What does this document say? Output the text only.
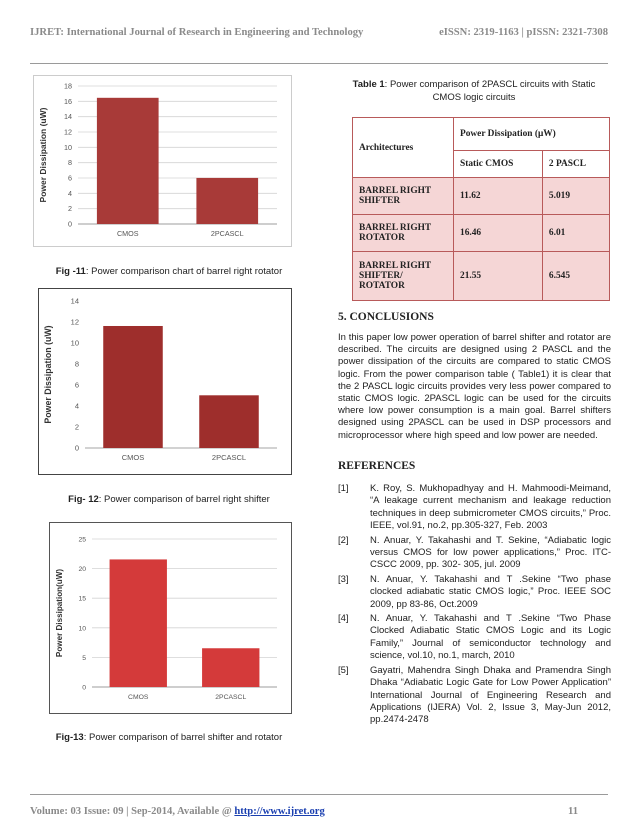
IJRET: International Journal of Research in Engineering and Technology	eISSN: 2319-1163 | pISSN: 2321-7308
0
2
4
6
8
10
12
14
16
18
CMOS	2PCASCL
Power Dissipation (uW)
Fig -11: Power comparison chart of barrel right rotator
0
2
4
6
8
10
12
14
CMOS	2PCASCL
Power Dissipation (uW)
Fig- 12: Power comparison of barrel right shifter
0
5
10
15
20
25
CMOS	2PCASCL
Power Dissipation(uW)
Fig-13: Power comparison of barrel shifter and rotator
Table 1: Power comparison of 2PASCL circuits with Static CMOS logic circuits
Architectures	Power Dissipation (μW)	
	Static CMOS	2 PASCL
BARREL RIGHT SHIFTER	11.62	5.019
BARREL RIGHT ROTATOR	16.46	6.01
BARREL RIGHT SHIFTER/ ROTATOR	21.55	6.545
5. CONCLUSIONS
In this paper low power operation of barrel shifter and rotator are described. The circuits are designed using 2 PASCL and the power dissipation of the circuits are compared to static CMOS logic. From the power comparison table ( Table1) it is clear that the 2 PASCL logic circuits provides very less power compared to static CMOS logic. 2PASCL logic can be used for the circuits where low power consumption is a main goal. Barrel shifters designed using 2PASCL can be used in DSP processors and microprocessor where high speed and low power are needed.
REFERENCES
[1] K. Roy, S. Mukhopadhyay and H. Mahmoodi-Meimand, “A leakage current mechanism and leakage reduction techniques in deep submicrometer CMOS circuits,” Proc. IEEE, vol.91, no.2, pp.305-327, Feb. 2003
[2] N. Anuar, Y. Takahashi and T. Sekine, “Adiabatic logic versus CMOS for low power applications,” Proc. ITC-CSCC 2009, pp. 302- 305, jul. 2009
[3] N. Anuar, Y. Takahashi and T .Sekine “Two phase clocked adiabatic static CMOS logic,” Proc. IEEE SOC 2009, pp 83-86, Oct.2009
[4] N. Anuar, Y. Takahashi and T .Sekine “Two Phase Clocked Adiabatic Static CMOS Logic and its Logic Family,” Journal of semiconductor technology and science, vol.10, no.1, march, 2010
[5] Gayatri, Mahendra Singh Dhaka and Pramendra Singh Dhaka “Adiabatic Logic Gate for Low Power Application” International Journal of Engineering Research and Applications (IJERA) Vol. 2, Issue 3, May-Jun 2012, pp.2474-2478
Volume: 03 Issue: 09 | Sep-2014, Available @ http://www.ijret.org	11
